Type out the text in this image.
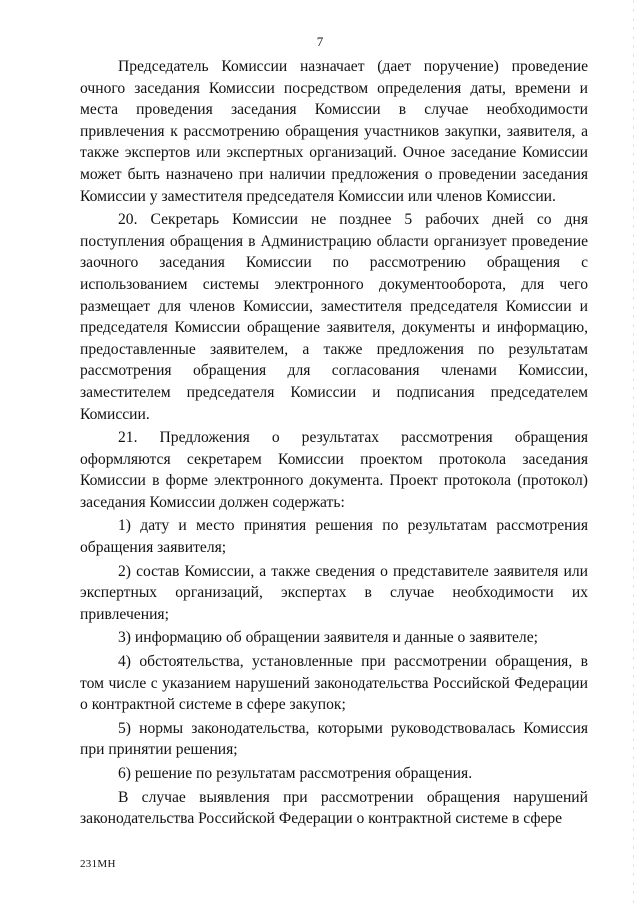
7

Председатель Комиссии назначает (дает поручение) проведение очного заседания Комиссии посредством определения даты, времени и места проведения заседания Комиссии в случае необходимости привлечения к рассмотрению обращения участников закупки, заявителя, а также экспертов или экспертных организаций. Очное заседание Комиссии может быть назначено при наличии предложения о проведении заседания Комиссии у заместителя председателя Комиссии или членов Комиссии.

20. Секретарь Комиссии не позднее 5 рабочих дней со дня поступления обращения в Администрацию области организует проведение заочного заседания Комиссии по рассмотрению обращения с использованием системы электронного документооборота, для чего размещает для членов Комиссии, заместителя председателя Комиссии и председателя Комиссии обращение заявителя, документы и информацию, предоставленные заявителем, а также предложения по результатам рассмотрения обращения для согласования членами Комиссии, заместителем председателя Комиссии и подписания председателем Комиссии.

21. Предложения о результатах рассмотрения обращения оформляются секретарем Комиссии проектом протокола заседания Комиссии в форме электронного документа. Проект протокола (протокол) заседания Комиссии должен содержать:

1) дату и место принятия решения по результатам рассмотрения обращения заявителя;

2) состав Комиссии, а также сведения о представителе заявителя или экспертных организаций, экспертах в случае необходимости их привлечения;

3) информацию об обращении заявителя и данные о заявителе;

4) обстоятельства, установленные при рассмотрении обращения, в том числе с указанием нарушений законодательства Российской Федерации о контрактной системе в сфере закупок;

5) нормы законодательства, которыми руководствовалась Комиссия при принятии решения;

6) решение по результатам рассмотрения обращения.

В случае выявления при рассмотрении обращения нарушений законодательства Российской Федерации о контрактной системе в сфере

231МН
